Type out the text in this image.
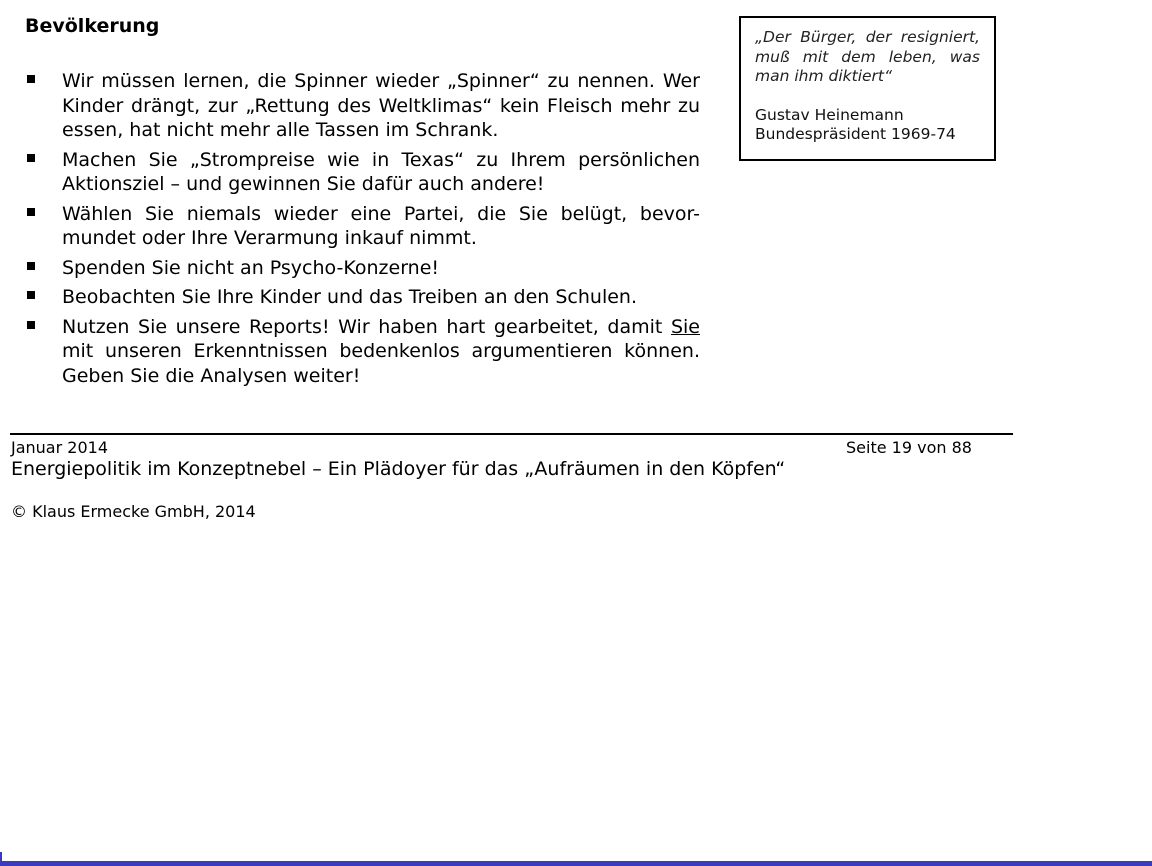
Bevölkerung
Wir müssen lernen, die Spinner wieder „Spinner“ zu nennen. Wer Kinder drängt, zur „Rettung des Weltklimas“ kein Fleisch mehr zu essen, hat nicht mehr alle Tassen im Schrank.
Machen Sie „Strompreise wie in Texas“ zu Ihrem persönlichen Aktionsziel – und gewinnen Sie dafür auch andere!
Wählen Sie niemals wieder eine Partei, die Sie belügt, bevor-mundet oder Ihre Verarmung inkauf nimmt.
Spenden Sie nicht an Psycho-Konzerne!
Beobachten Sie Ihre Kinder und das Treiben an den Schulen.
Nutzen Sie unsere Reports! Wir haben hart gearbeitet, damit Sie mit unseren Erkenntnissen bedenkenlos argumentieren können. Geben Sie die Analysen weiter!

„Der Bürger, der resigniert, muß mit dem leben, was man ihm diktiert“

Gustav Heinemann

Bundespräsident 1969-74

Januar 2014	Seite 19 von 88
Energiepolitik im Konzeptnebel – Ein Plädoyer für das „Aufräumen in den Köpfen“
© Klaus Ermecke GmbH, 2014
